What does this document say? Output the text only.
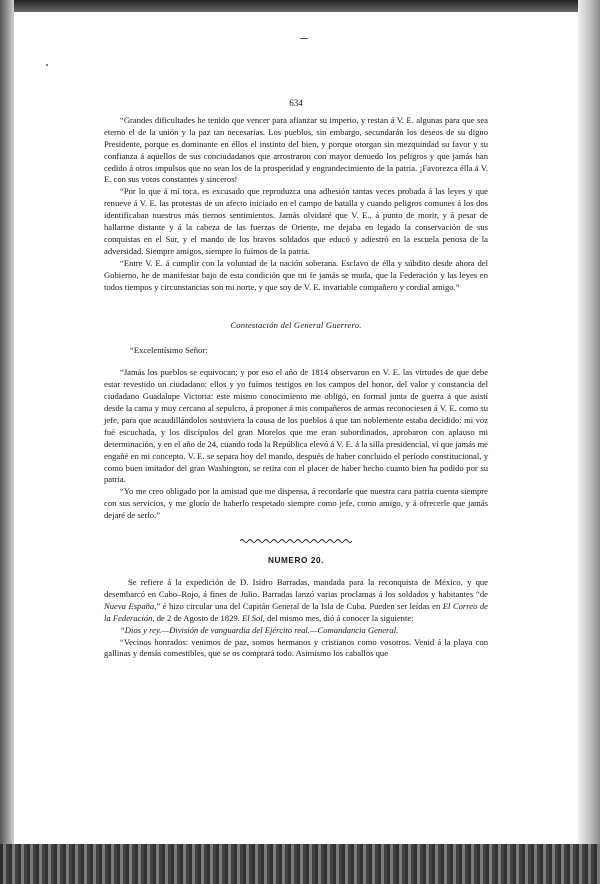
634

“Grandes dificultades he tenido que vencer para afianzar su imperio, y restan á V. E. algunas para que sea eterno el de la unión y la paz tan necesarias. Los pueblos, sin embargo, secundarán los deseos de su digno Presidente, porque es dominante en éllos el instinto del bien, y porque otorgan sin mezquindad su favor y su confianza á aquellos de sus conciudadanos que arrostraron con mayor denuedo los peligros y que jamás han cedido á otros impulsos que no sean los de la prosperidad y engrandecimiento de la patria. ¡Favorezca élla á V. E. con sus votos constantes y sinceros!

“Por lo que á mí toca, es excusado que reproduzca una adhesión tantas veces probada á las leyes y que renueve á V. E. las protestas de un afecto iniciado en el campo de batalla y cuando peligros comunes á los dos identificaban nuestros más tiernos sentimientos. Jamás olvidaré que V. E., á punto de morir, y á pesar de hallarme distante y á la cabeza de las fuerzas de Oriente, me dejaba en legado la conservación de sus conquistas en el Sur, y el mando de los bravos soldados que educó y adiestró en la escuela penosa de la adversidad. Siempre amigos, siempre lo fuímos de la patria.

“Entre V. E. á cumplir con la voluntad de la nación soberana. Esclavo de élla y súbdito desde ahora del Gobierno, he de manifestar bajo de esta condición que mi fe jamás se muda, que la Federación y las leyes en todos tiempos y circunstancias son mi norte, y que soy de V. E. invariable compañero y cordial amigo.”

Contestación del General Guerrero.

“Excelentísimo Señor:

“Jamás los pueblos se equivocan; y por eso el año de 1814 observaron en V. E. las virtudes de que debe estar revestido un ciudadano: ellos y yo fuímos testigos en los campos del honor, del valor y constancia del ciudadano Guadalupe Victoria: este mismo conocimiento me obligó, en formal junta de guerra á que asistí desde la cama y muy cercano al sepulcro, á proponer á mis compañeros de armas reconociesen á V. E. como su jefe, para que acaudillándolos sostuviera la causa de los pueblos á que tan noblemente estaba decidido: mi voz fué escuchada, y los discípulos del gran Morelos que me eran subordinados, aprobaron con aplauso mi determinación, y en el año de 24, cuando toda la República elevó á V. E. á la silla presidencial, ví que jamás me engañé en mi concepto. V. E. se separa hoy del mando, después de haber concluido el período constitucional, y como buen imitador del gran Washington, se retira con el placer de haber hecho cuanto bien ha podido por su patria.

“Yo me creo obligado por la amistad que me dispensa, á recordarle que nuestra cara patria cuenta siempre con sus servicios, y me glorío de haberlo respetado siempre como jefe, como amigo, y á ofrecerle que jamás dejaré de serlo.”

NUMERO 20.

Se refiere á la expedición de D. Isidro Barradas, mandada para la reconquista de México, y que desembarcó en Cabo–Rojo, á fines de Julio. Barradas lanzó varias proclamas á los soldados y habitantes “de Nueva España,” é hizo circular una del Capitán General de la Isla de Cuba. Pueden ser leídas en El Correo de la Federación, de 2 de Agosto de 1829. El Sol, del mismo mes, dió á conocer la siguiente:

“Dios y rey.—División de vanguardia del Ejército real.—Comandancia General.

“Vecinos honrados: venimos de paz, somos hermanos y cristianos como vosotros. Venid á la playa con gallinas y demás comestibles, que se os comprará todo. Asimismo los caballos que
